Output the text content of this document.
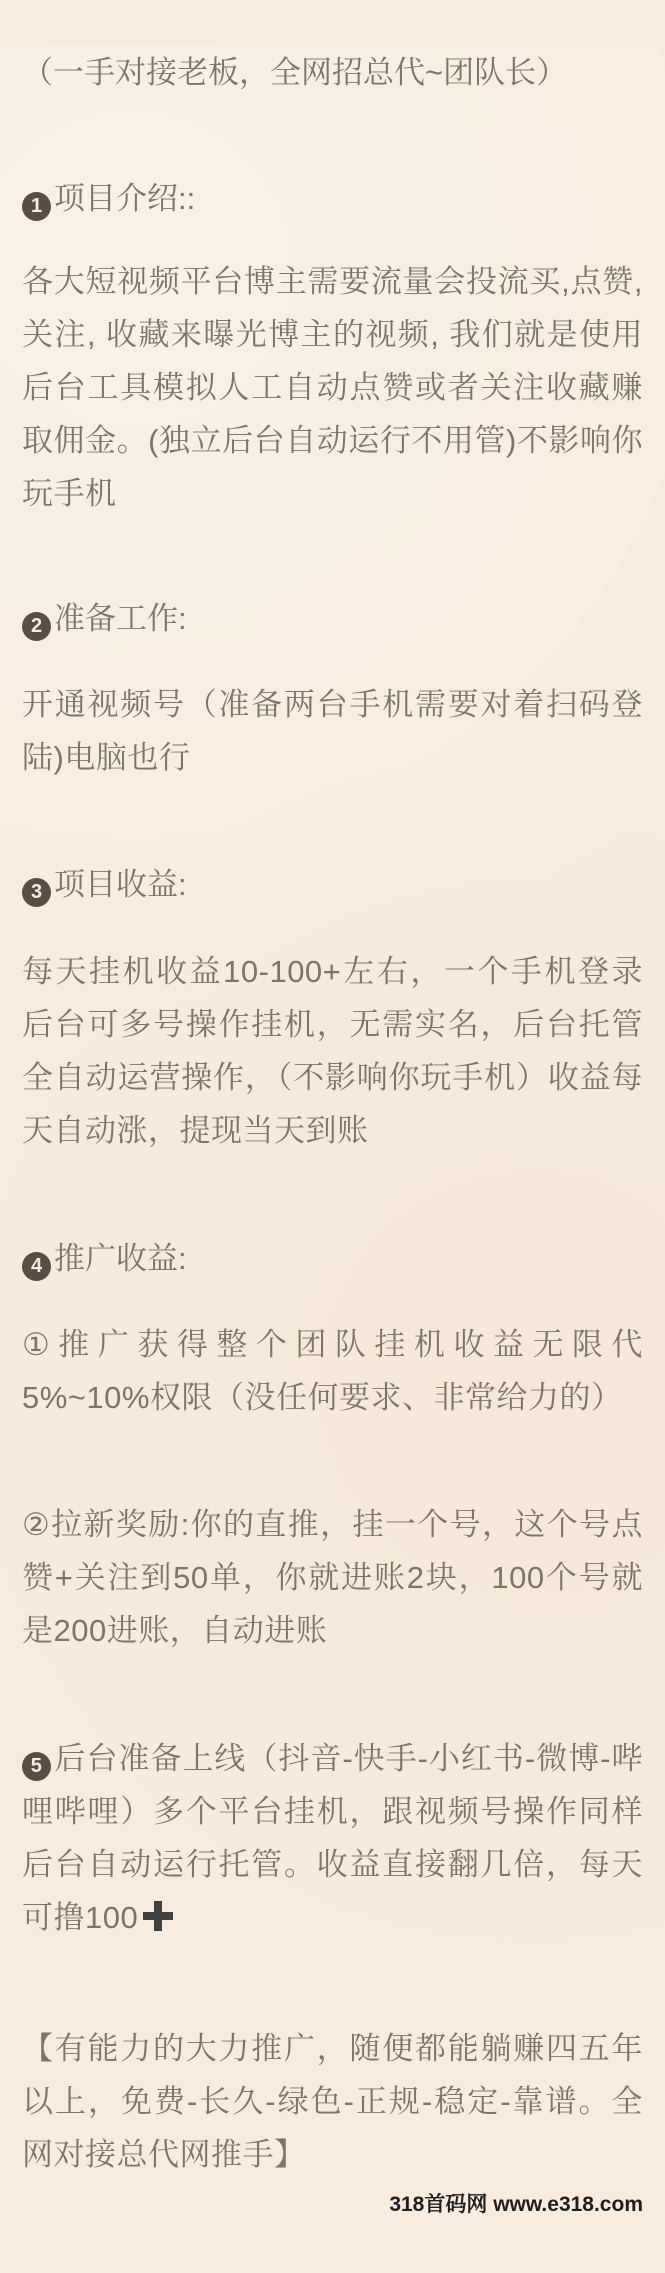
（一手对接老板，全网招总代~团队长）

1 项目介绍::

各大短视频平台博主需要流量会投流买,点赞, 关注, 收藏来曝光博主的视频, 我们就是使用后台工具模拟人工自动点赞或者关注收藏赚取佣金。(独立后台自动运行不用管)不影响你玩手机

2 准备工作:

开通视频号（准备两台手机需要对着扫码登陆)电脑也行

3 项目收益:

每天挂机收益10-100+左右，一个手机登录后台可多号操作挂机，无需实名，后台托管全自动运营操作，（不影响你玩手机）收益每天自动涨，提现当天到账

4 推广收益:

①推广获得整个团队挂机收益无限代5%~10%权限（没任何要求、非常给力的）

②拉新奖励:你的直推，挂一个号，这个号点赞+关注到50单，你就进账2块，100个号就是200进账，自动进账

5 后台准备上线（抖音-快手-小红书-微博-哔哩哔哩）多个平台挂机，跟视频号操作同样后台自动运行托管。收益直接翻几倍，每天可撸100

【有能力的大力推广，随便都能躺赚四五年以上，免费-长久-绿色-正规-稳定-靠谱。全网对接总代网推手】

318首码网 www.e318.com
